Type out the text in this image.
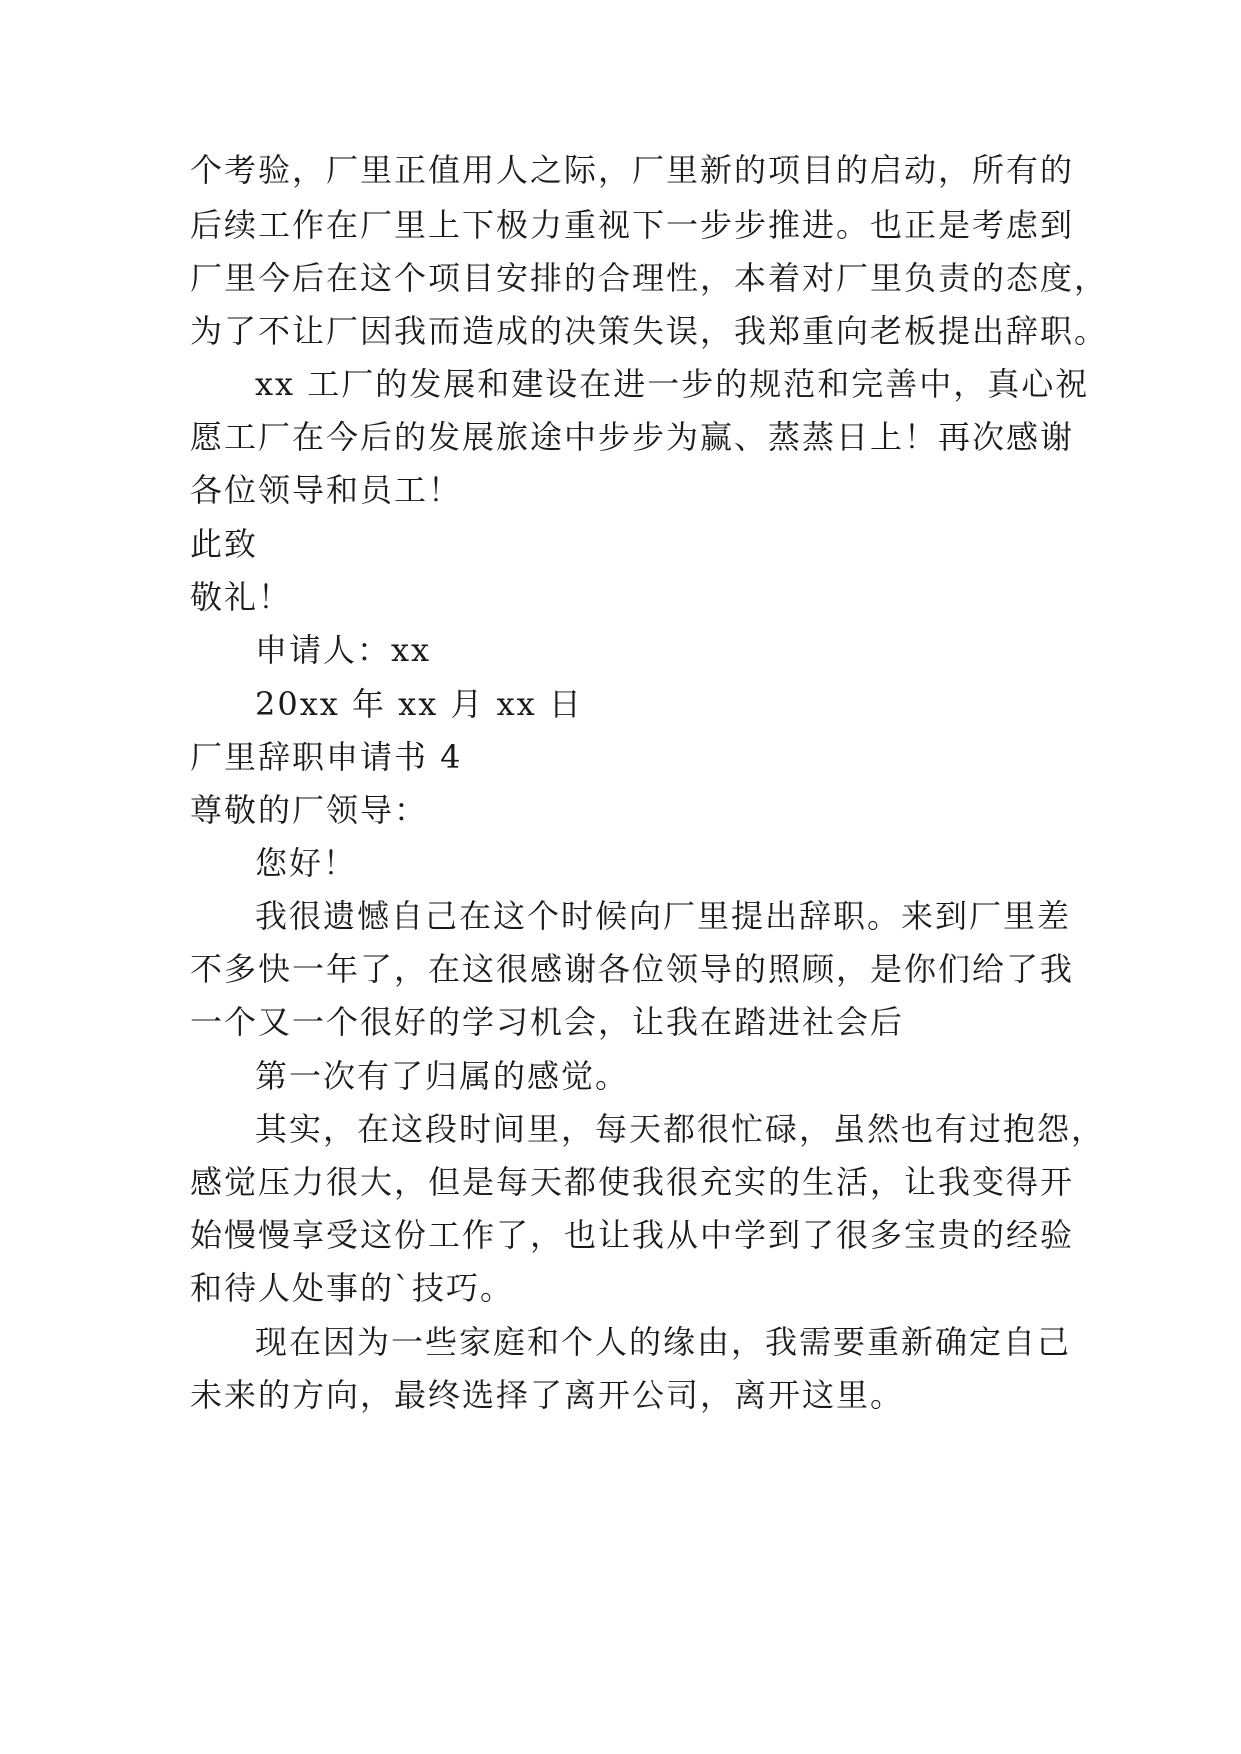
个考验，厂里正值用人之际，厂里新的项目的启动，所有的
后续工作在厂里上下极力重视下一步步推进。也正是考虑到
厂里今后在这个项目安排的合理性，本着对厂里负责的态度，
为了不让厂因我而造成的决策失误，我郑重向老板提出辞职。
xx 工厂的发展和建设在进一步的规范和完善中，真心祝
愿工厂在今后的发展旅途中步步为赢、蒸蒸日上！再次感谢
各位领导和员工！
此致
敬礼！
申请人：xx
20xx 年 xx 月 xx 日
厂里辞职申请书 4
尊敬的厂领导：
您好！
我很遗憾自己在这个时候向厂里提出辞职。来到厂里差
不多快一年了，在这很感谢各位领导的照顾，是你们给了我
一个又一个很好的学习机会，让我在踏进社会后
第一次有了归属的感觉。
其实，在这段时间里，每天都很忙碌，虽然也有过抱怨，
感觉压力很大，但是每天都使我很充实的生活，让我变得开
始慢慢享受这份工作了，也让我从中学到了很多宝贵的经验
和待人处事的`技巧。
现在因为一些家庭和个人的缘由，我需要重新确定自己
未来的方向，最终选择了离开公司，离开这里。
